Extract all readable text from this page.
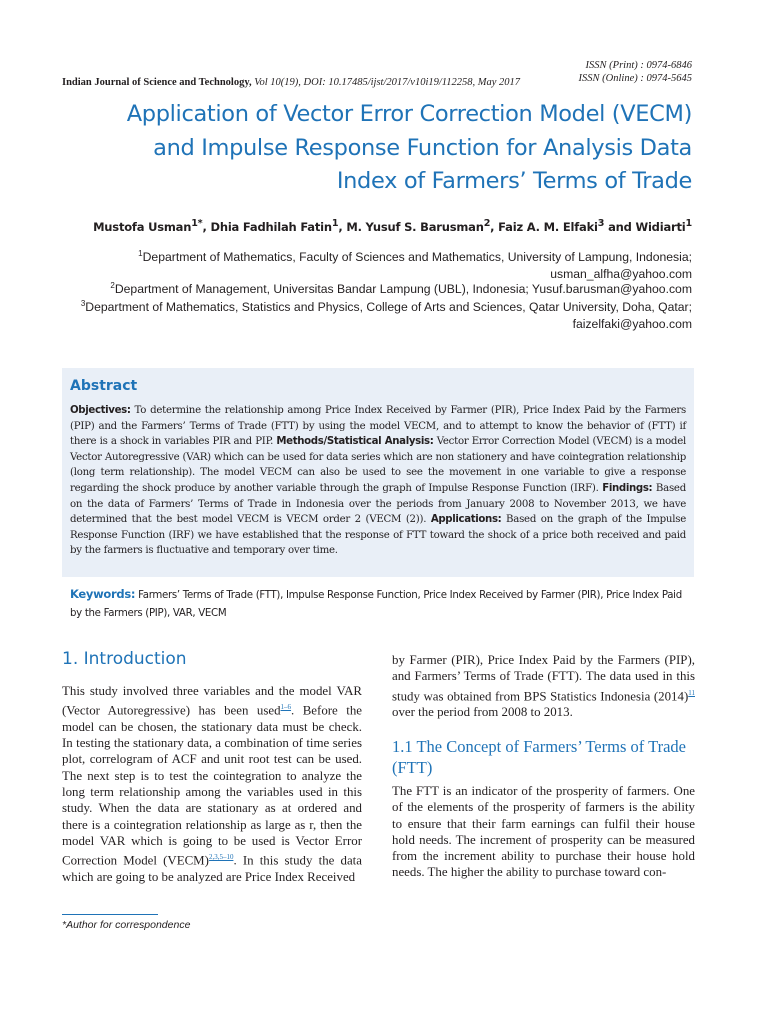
ISSN (Print) : 0974-6846
ISSN (Online) : 0974-5645
Indian Journal of Science and Technology, Vol 10(19), DOI: 10.17485/ijst/2017/v10i19/112258, May 2017
Application of Vector Error Correction Model (VECM)
and Impulse Response Function for Analysis Data
Index of Farmers’ Terms of Trade
Mustofa Usman$^{1*}$, Dhia Fadhilah Fatin$^1$, M. Yusuf S. Barusman$^2$, Faiz A. M. Elfaki$^3$ and Widiarti$^1$
$^1$Department of Mathematics, Faculty of Sciences and Mathematics, University of Lampung, Indonesia;
usman_alfha@yahoo.com
$^2$Department of Management, Universitas Bandar Lampung (UBL), Indonesia; Yusuf.barusman@yahoo.com
$^3$Department of Mathematics, Statistics and Physics, College of Arts and Sciences, Qatar University, Doha, Qatar;
faizelfaki@yahoo.com
Abstract
Objectives: To determine the relationship among Price Index Received by Farmer (PIR), Price Index Paid by the Farmers (PIP) and the Farmers’ Terms of Trade (FTT) by using the model VECM, and to attempt to know the behavior of (FTT) if there is a shock in variables PIR and PIP. Methods/Statistical Analysis: Vector Error Correction Model (VECM) is a model Vector Autoregressive (VAR) which can be used for data series which are non stationery and have cointegration relationship (long term relationship). The model VECM can also be used to see the movement in one variable to give a response regarding the shock produce by another variable through the graph of Impulse Response Function (IRF). Findings: Based on the data of Farmers’ Terms of Trade in Indonesia over the periods from January 2008 to November 2013, we have determined that the best model VECM is VECM order 2 (VECM (2)). Applications: Based on the graph of the Impulse Response Function (IRF) we have established that the response of FTT toward the shock of a price both received and paid by the farmers is fluctuative and temporary over time.
Keywords: Farmers’ Terms of Trade (FTT), Impulse Response Function, Price Index Received by Farmer (PIR), Price Index Paid by the Farmers (PIP), VAR, VECM
1. Introduction
This study involved three variables and the model VAR (Vector Autoregressive) has been used$^{1-6}$. Before the model can be chosen, the stationary data must be check. In testing the stationary data, a combination of time series plot, correlogram of ACF and unit root test can be used. The next step is to test the cointegration to analyze the long term relationship among the variables used in this study. When the data are stationary as at ordered and there is a cointegration relationship as large as r, then the model VAR which is going to be used is Vector Error Correction Model (VECM)$^{2,3,5-10}$. In this study the data which are going to be analyzed are Price Index Received
by Farmer (PIR), Price Index Paid by the Farmers (PIP), and Farmers’ Terms of Trade (FTT). The data used in this study was obtained from BPS Statistics Indonesia (2014)$^{11}$ over the period from 2008 to 2013.
1.1 The Concept of Farmers’ Terms of Trade (FTT)
The FTT is an indicator of the prosperity of farmers. One of the elements of the prosperity of farmers is the ability to ensure that their farm earnings can fulfil their house hold needs. The increment of prosperity can be measured from the increment ability to purchase their house hold needs. The higher the ability to purchase toward con-
*Author for correspondence
